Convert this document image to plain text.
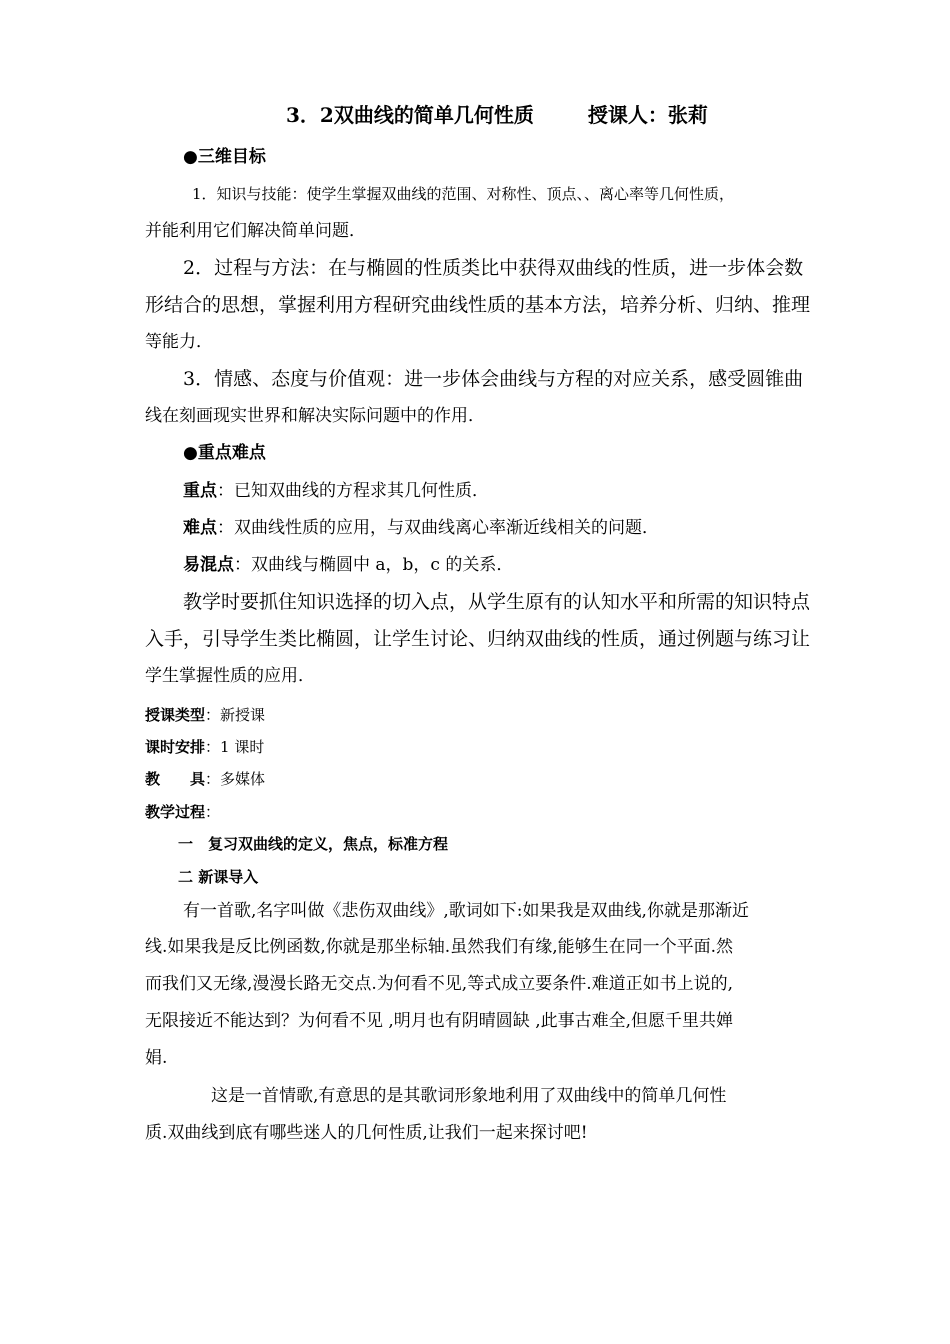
3．2双曲线的简单几何性质	授课人：张莉
●三维目标
1．知识与技能：使学生掌握双曲线的范围、对称性、顶点、、离心率等几何性质，
并能利用它们解决简单问题．
2．过程与方法：在与椭圆的性质类比中获得双曲线的性质，进一步体会数
形结合的思想，掌握利用方程研究曲线性质的基本方法，培养分析、归纳、推理
等能力．
3．情感、态度与价值观：进一步体会曲线与方程的对应关系，感受圆锥曲
线在刻画现实世界和解决实际问题中的作用．
●重点难点
重点：已知双曲线的方程求其几何性质．
难点：双曲线性质的应用，与双曲线离心率渐近线相关的问题．
易混点：双曲线与椭圆中 a，b，c 的关系．
教学时要抓住知识选择的切入点，从学生原有的认知水平和所需的知识特点
入手，引导学生类比椭圆，让学生讨论、归纳双曲线的性质，通过例题与练习让
学生掌握性质的应用．
授课类型：新授课
课时安排：1 课时
教　　具：多媒体
教学过程：
一　复习双曲线的定义，焦点，标准方程
二 新课导入
有一首歌,名字叫做《悲伤双曲线》,歌词如下:如果我是双曲线,你就是那渐近
线.如果我是反比例函数,你就是那坐标轴.虽然我们有缘,能够生在同一个平面.然
而我们又无缘,漫漫长路无交点.为何看不见,等式成立要条件.难道正如书上说的,
无限接近不能达到？为何看不见 ,明月也有阴晴圆缺 ,此事古难全,但愿千里共婵
娟.
这是一首情歌,有意思的是其歌词形象地利用了双曲线中的简单几何性
质.双曲线到底有哪些迷人的几何性质,让我们一起来探讨吧!
